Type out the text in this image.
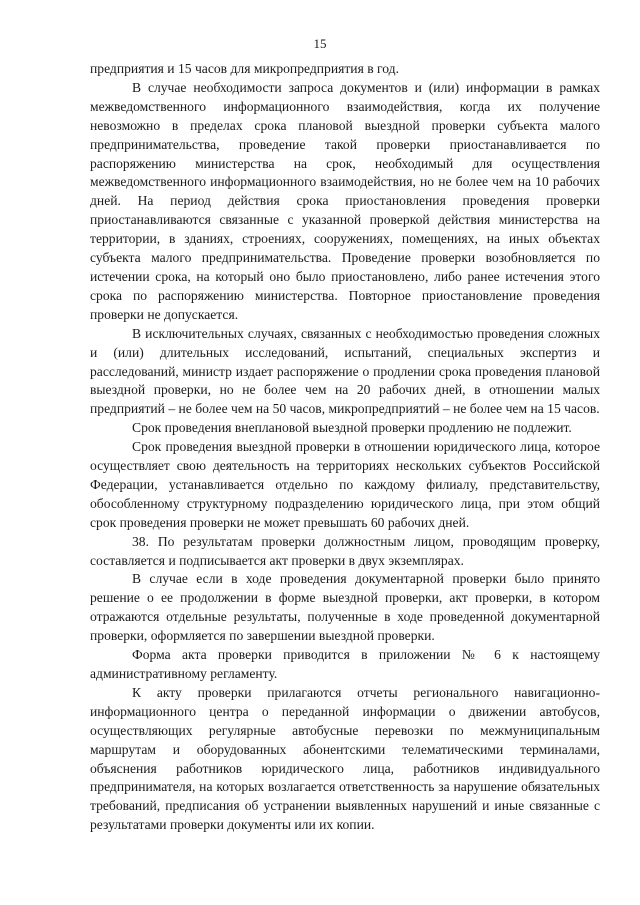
15

предприятия и 15 часов для микропредприятия в год.

В случае необходимости запроса документов и (или) информации в рамках межведомственного информационного взаимодействия, когда их получение невозможно в пределах срока плановой выездной проверки субъекта малого предпринимательства, проведение такой проверки приостанавливается по распоряжению министерства на срок, необходимый для осуществления межведомственного информационного взаимодействия, но не более чем на 10 рабочих дней. На период действия срока приостановления проведения проверки приостанавливаются связанные с указанной проверкой действия министерства на территории, в зданиях, строениях, сооружениях, помещениях, на иных объектах субъекта малого предпринимательства. Проведение проверки возобновляется по истечении срока, на который оно было приостановлено, либо ранее истечения этого срока по распоряжению министерства. Повторное приостановление проведения проверки не допускается.

В исключительных случаях, связанных с необходимостью проведения сложных и (или) длительных исследований, испытаний, специальных экспертиз и расследований, министр издает распоряжение о продлении срока проведения плановой выездной проверки, но не более чем на 20 рабочих дней, в отношении малых предприятий – не более чем на 50 часов, микропредприятий – не более чем на 15 часов.

Срок проведения внеплановой выездной проверки продлению не подлежит.

Срок проведения выездной проверки в отношении юридического лица, которое осуществляет свою деятельность на территориях нескольких субъектов Российской Федерации, устанавливается отдельно по каждому филиалу, представительству, обособленному структурному подразделению юридического лица, при этом общий срок проведения проверки не может превышать 60 рабочих дней.

38. По результатам проверки должностным лицом, проводящим проверку, составляется и подписывается акт проверки в двух экземплярах.

В случае если в ходе проведения документарной проверки было принято решение о ее продолжении в форме выездной проверки, акт проверки, в котором отражаются отдельные результаты, полученные в ходе проведенной документарной проверки, оформляется по завершении выездной проверки.

Форма акта проверки приводится в приложении № 6 к настоящему административному регламенту.

К акту проверки прилагаются отчеты регионального навигационно-информационного центра о переданной информации о движении автобусов, осуществляющих регулярные автобусные перевозки по межмуниципальным маршрутам и оборудованных абонентскими телематическими терминалами, объяснения работников юридического лица, работников индивидуального предпринимателя, на которых возлагается ответственность за нарушение обязательных требований, предписания об устранении выявленных нарушений и иные связанные с результатами проверки документы или их копии.
